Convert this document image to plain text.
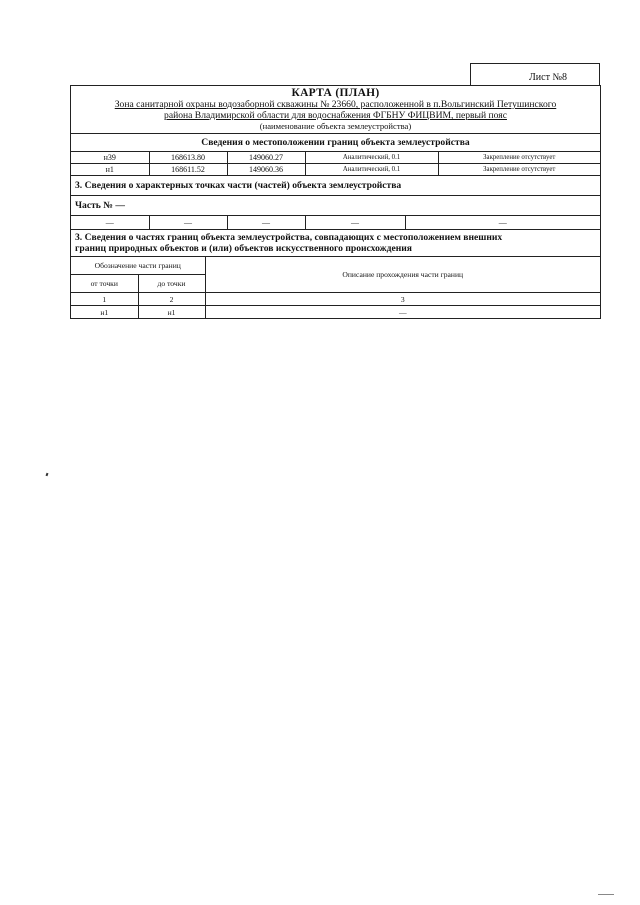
Лист №8
КАРТА (ПЛАН)
Зона санитарной охраны водозаборной скважины № 23660, расположенной в п.Вольгинский Петушинского
района Владимирской области для водоснабжения ФГБНУ ФИЦВИМ, первый пояс
(наименование объекта землеустройства)
Сведения о местоположении границ объекта землеустройства
н39	168613.80	149060.27	Аналитический, 0.1	Закрепление отсутствует
н1	168611.52	149060.36	Аналитический, 0.1	Закрепление отсутствует
3. Сведения о характерных точках части (частей) объекта землеустройства
Часть № —
—	—	—	—	—
3. Сведения о частях границ объекта землеустройства, совпадающих с местоположением внешних
границ природных объектов и (или) объектов искусственного происхождения
Обозначение части границ		Описание прохождения части границ
от точки	до точки	
1	2	3
н1	н1	—
